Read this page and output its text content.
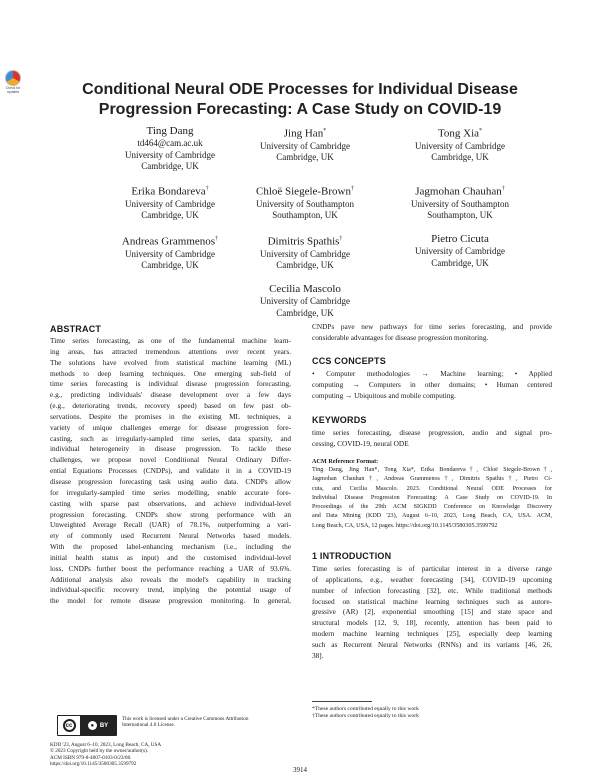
Check for updates	Conditional Neural ODE Processes for Individual Disease
Progression Forecasting: A Case Study on COVID-19
Ting Dang
td464@cam.ac.uk
University of Cambridge
Cambridge, UK
Jing Han*
University of Cambridge
Cambridge, UK
Tong Xia*
University of Cambridge
Cambridge, UK
Erika Bondareva†
University of Cambridge
Cambridge, UK
Chloë Siegele-Brown†
University of Southampton
Southampton, UK
Jagmohan Chauhan†
University of Southampton
Southampton, UK
Andreas Grammenos†
University of Cambridge
Cambridge, UK
Dimitris Spathis†
University of Cambridge
Cambridge, UK
Pietro Cicuta
University of Cambridge
Cambridge, UK
Cecilia Mascolo
University of Cambridge
Cambridge, UK
ABSTRACT
Time series forecasting, as one of the fundamental machine learn-
ing areas, has attracted tremendous attentions over recent years.
The solutions have evolved from statistical machine learning (ML)
methods to deep learning techniques. One emerging sub-field of
time series forecasting is individual disease progression forecasting,
e.g., predicting individuals' disease development over a few days
(e.g., deteriorating trends, recovery speed) based on few past ob-
servations. Despite the promises in the existing ML techniques, a
variety of unique challenges emerge for disease progression fore-
casting, such as irregularly-sampled time series, data sparsity, and
individual heterogeneity in disease progression. To tackle these
challenges, we propose novel Conditional Neural Ordinary Differ-
ential Equations Processes (CNDPs), and validate it in a COVID-19
disease progression forecasting task using audio data. CNDPs allow
for irregularly-sampled time series modelling, enable accurate fore-
casting with sparse past observations, and achieve individual-level
progression forecasting. CNDPs show strong performance with an
Unweighted Average Recall (UAR) of 78.1%, outperforming a vari-
ety of commonly used Recurrent Neural Networks based models.
With the proposed label-enhancing mechanism (i.e., including the
initial health status as input) and the customised individual-level
loss, CNDPs further boost the performance reaching a UAR of 93.6%.
Additional analysis also reveals the model's capability in tracking
individual-specific recovery trend, implying the potential usage of
the model for remote disease progression monitoring. In general,
cc	● BY
This work is licensed under a Creative Commons Attribution
International 4.0 License.
KDD '23, August 6–10, 2023, Long Beach, CA, USA
© 2023 Copyright held by the owner/author(s).
ACM ISBN 979-8-4007-0103-0/23/08.
https://doi.org/10.1145/3580305.3599792
CNDPs pave new pathways for time series forecasting, and provide
considerable advantages for disease progression monitoring.
CCS CONCEPTS
• Computer methodologies → Machine learning; • Applied
computing → Computers in other domains; • Human centered
computing → Ubiquitous and mobile computing.
KEYWORDS
time series forecasting, disease progression, audio and signal pro-
cessing, COVID-19, neural ODE
ACM Reference Format:
Ting Dang, Jing Han*, Tong Xia*, Erika Bondareva†, Chloë Siegele-Brown†,
Jagmohan Chauhan†, Andreas Grammenos†, Dimitris Spathis†, Pietro Ci-
cuta, and Cecilia Mascolo. 2023. Conditional Neural ODE Processes for
Individual Disease Progression Forecasting: A Case Study on COVID-19. In
Proceedings of the 29th ACM SIGKDD Conference on Knowledge Discovery
and Data Mining (KDD '23), August 6–10, 2023, Long Beach, CA, USA. ACM,
Long Beach, CA, USA, 12 pages. https://doi.org/10.1145/3580305.3599792
1 INTRODUCTION
Time series forecasting is of particular interest in a diverse range
of applications, e.g., weather forecasting [34], COVID-19 upcoming
number of infection forecasting [32], etc. While traditional methods
focused on statistical machine learning techniques such as autore-
gressive (AR) [2], exponential smoothing [15] and state space and
structural models [12, 9, 18], recently, attention has been paid to
modern machine learning techniques [25], especially deep learning
such as Recurrent Neural Networks (RNNs) and its variants [46, 26,
38].
*These authors contributed equally to this work
†These authors contributed equally to this work
3914
